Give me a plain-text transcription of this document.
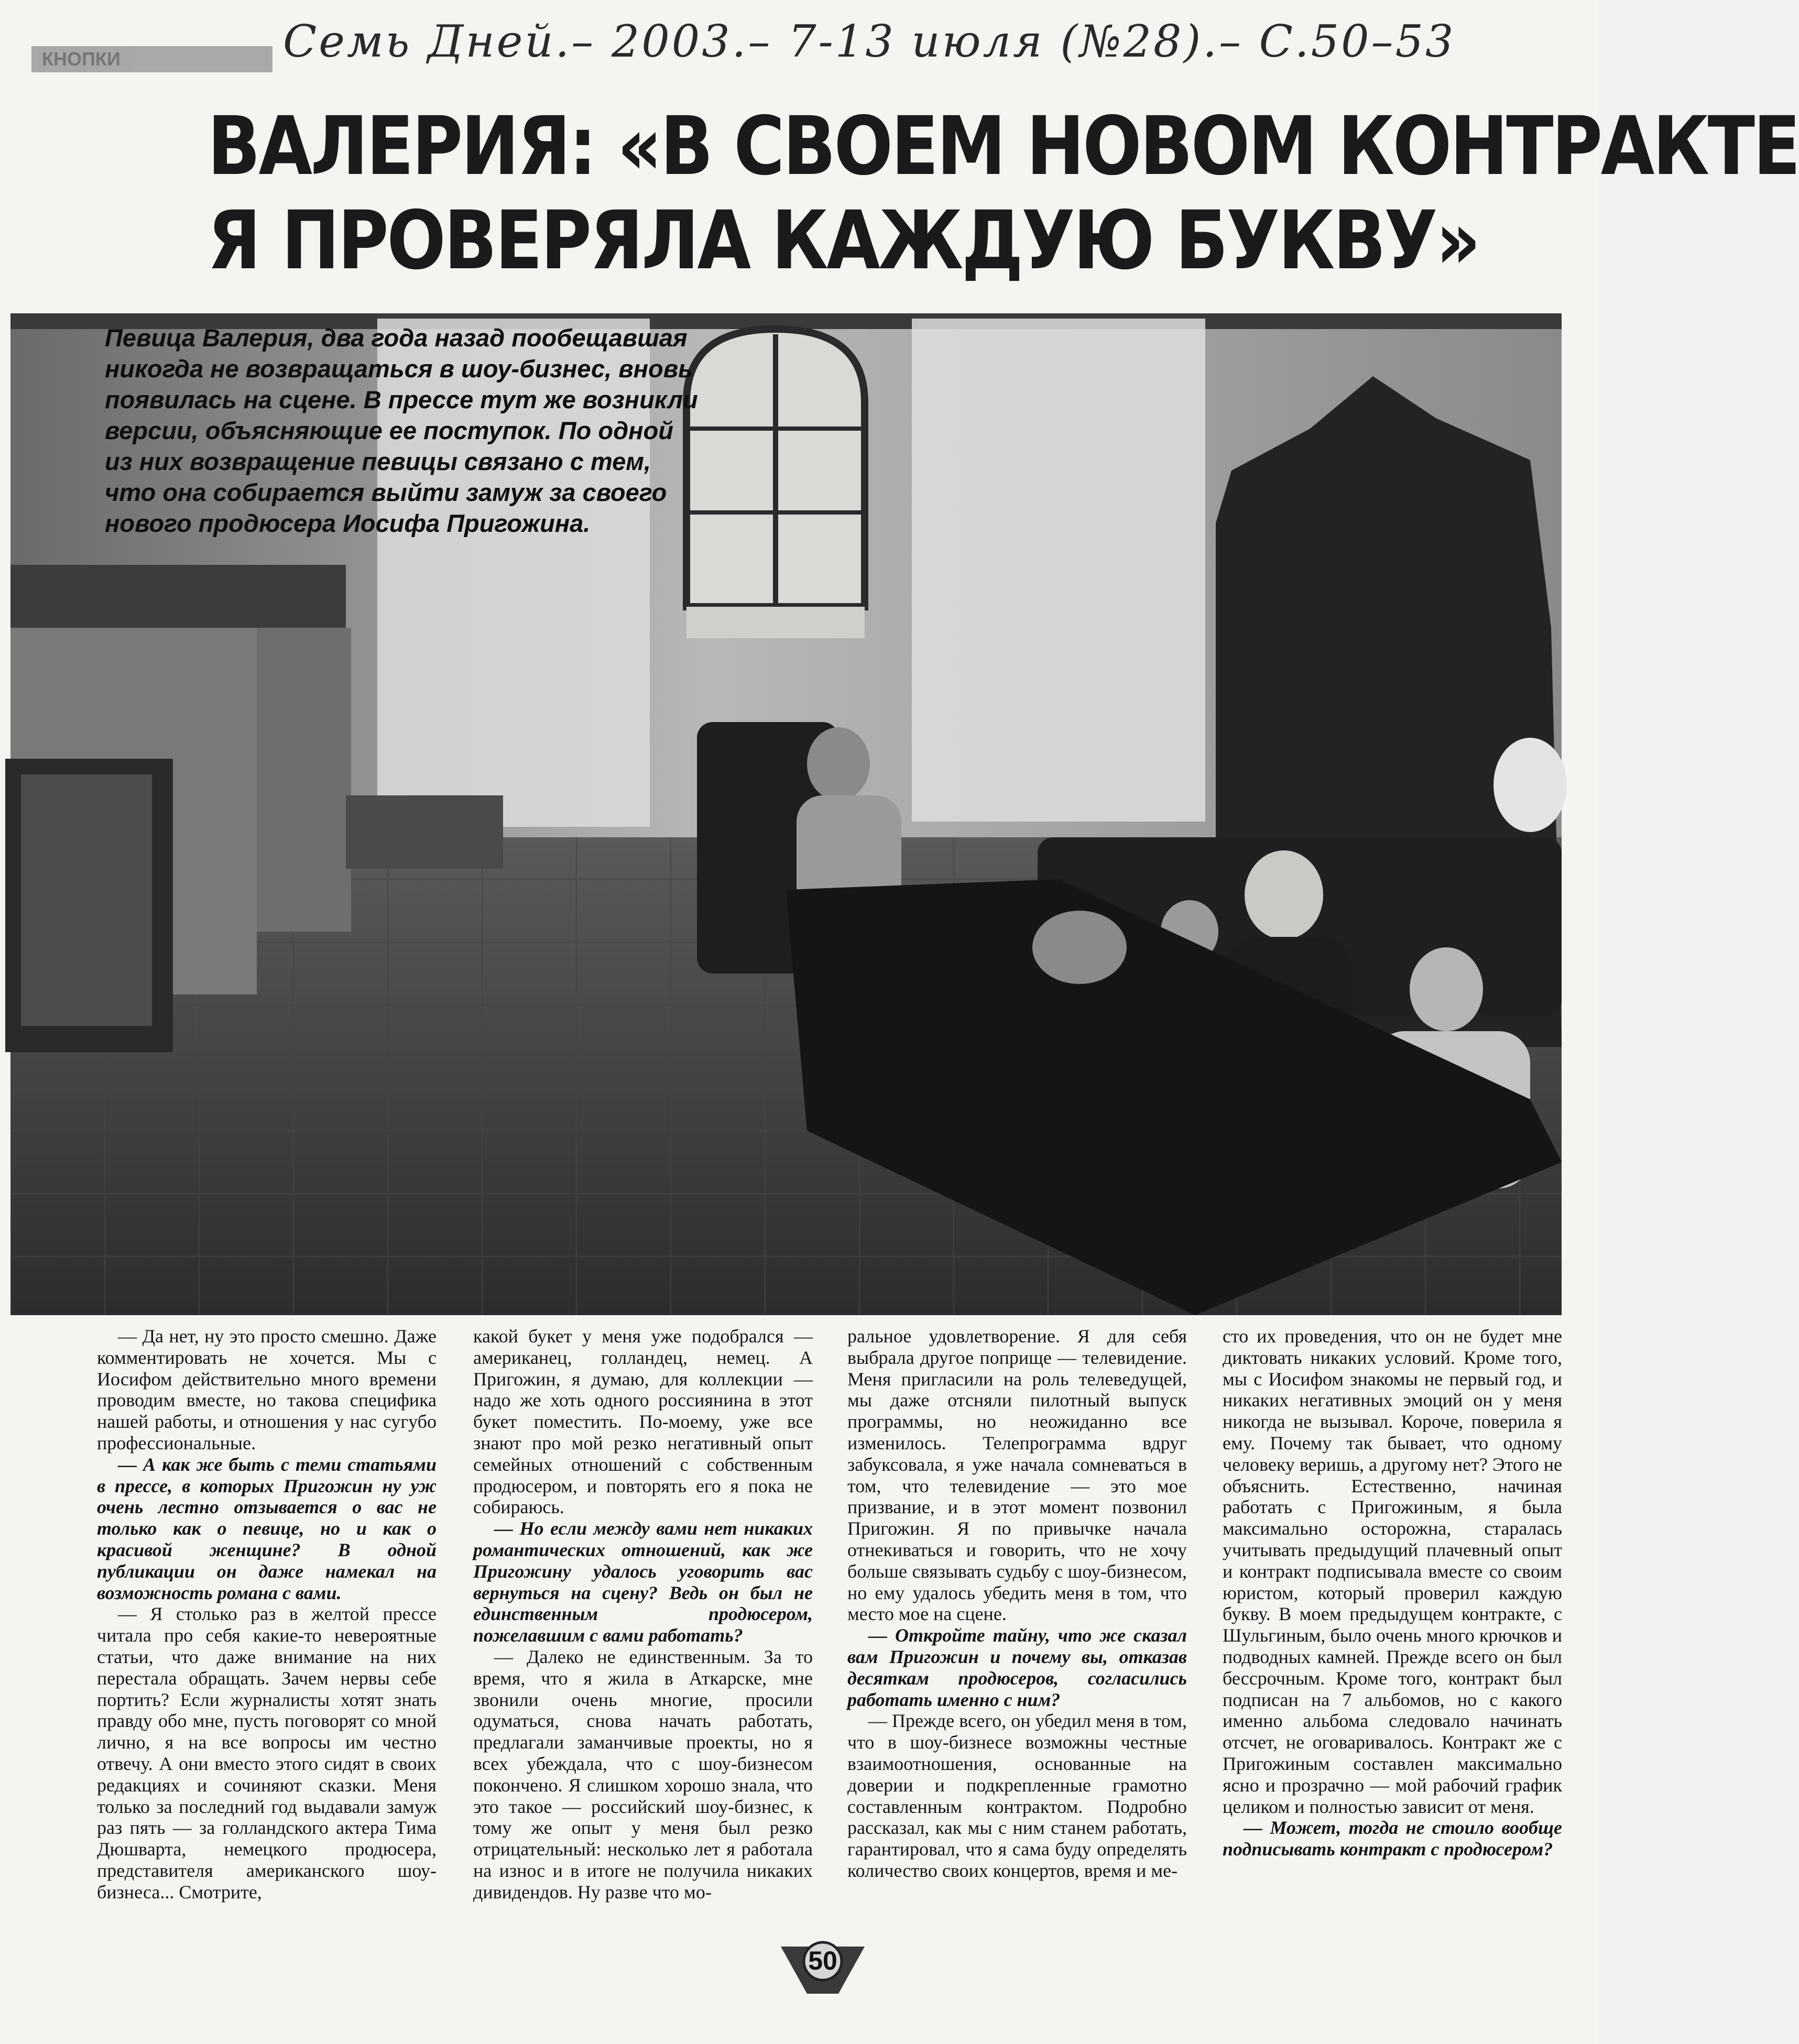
КНОПКИ	Семь Дней.– 2003.– 7-13 июля (№28).– С.50–53
ВАЛЕРИЯ: «В СВОЕМ НОВОМ КОНТРАКТЕ
Я ПРОВЕРЯЛА КАЖДУЮ БУКВУ»
Певица Валерия, два года назад пообещавшая никогда не возвращаться в шоу-бизнес, вновь появилась на сцене. В прессе тут же возникли версии, объясняющие ее поступок. По одной из них возвращение певицы связано с тем, что она собирается выйти замуж за своего нового продюсера Иосифа Пригожина.

— Да нет, ну это просто смешно. Даже комментировать не хочется. Мы с Иосифом действительно много времени проводим вместе, но такова специфика нашей работы, и отношения у нас сугубо профессиональные.

— А как же быть с теми статьями в прессе, в которых Пригожин ну уж очень лестно отзывается о вас не только как о певице, но и как о красивой женщине? В одной публикации он даже намекал на возможность романа с вами.

— Я столько раз в желтой прессе читала про себя какие-то невероятные статьи, что даже внимание на них перестала обращать. Зачем нервы себе портить? Если журналисты хотят знать правду обо мне, пусть поговорят со мной лично, я на все вопросы им честно отвечу. А они вместо этого сидят в своих редакциях и сочиняют сказки. Меня только за последний год выдавали замуж раз пять — за голландского актера Тима Дюшварта, немецкого продюсера, представителя американского шоу-бизнеса... Смотрите,

какой букет у меня уже подобрался — американец, голландец, немец. А Пригожин, я думаю, для коллекции — надо же хоть одного россиянина в этот букет поместить. По-моему, уже все знают про мой резко негативный опыт семейных отношений с собственным продюсером, и повторять его я пока не собираюсь.

— Но если между вами нет никаких романтических отношений, как же Пригожину удалось уговорить вас вернуться на сцену? Ведь он был не единственным продюсером, пожелавшим с вами работать?

— Далеко не единственным. За то время, что я жила в Аткарске, мне звонили очень многие, просили одуматься, снова начать работать, предлагали заманчивые проекты, но я всех убеждала, что с шоу-бизнесом покончено. Я слишком хорошо знала, что это такое — российский шоу-бизнес, к тому же опыт у меня был резко отрицательный: несколько лет я работала на износ и в итоге не получила никаких дивидендов. Ну разве что мо-

ральное удовлетворение. Я для себя выбрала другое поприще — телевидение. Меня пригласили на роль телеведущей, мы даже отсняли пилотный выпуск программы, но неожиданно все изменилось. Телепрограмма вдруг забуксовала, я уже начала сомневаться в том, что телевидение — это мое призвание, и в этот момент позвонил Пригожин. Я по привычке начала отнекиваться и говорить, что не хочу больше связывать судьбу с шоу-бизнесом, но ему удалось убедить меня в том, что место мое на сцене.

— Откройте тайну, что же сказал вам Пригожин и почему вы, отказав десяткам продюсеров, согласились работать именно с ним?

— Прежде всего, он убедил меня в том, что в шоу-бизнесе возможны честные взаимоотношения, основанные на доверии и подкрепленные грамотно составленным контрактом. Подробно рассказал, как мы с ним станем работать, гарантировал, что я сама буду определять количество своих концертов, время и ме-

сто их проведения, что он не будет мне диктовать никаких условий. Кроме того, мы с Иосифом знакомы не первый год, и никаких негативных эмоций он у меня никогда не вызывал. Короче, поверила я ему. Почему так бывает, что одному человеку веришь, а другому нет? Этого не объяснить. Естественно, начиная работать с Пригожиным, я была максимально осторожна, старалась учитывать предыдущий плачевный опыт и контракт подписывала вместе со своим юристом, который проверил каждую букву. В моем предыдущем контракте, с Шульгиным, было очень много крючков и подводных камней. Прежде всего он был бессрочным. Кроме того, контракт был подписан на 7 альбомов, но с какого именно альбома следовало начинать отсчет, не оговаривалось. Контракт же с Пригожиным составлен максимально ясно и прозрачно — мой рабочий график целиком и полностью зависит от меня.

— Может, тогда не стоило вообще подписывать контракт с продюсером?

50
